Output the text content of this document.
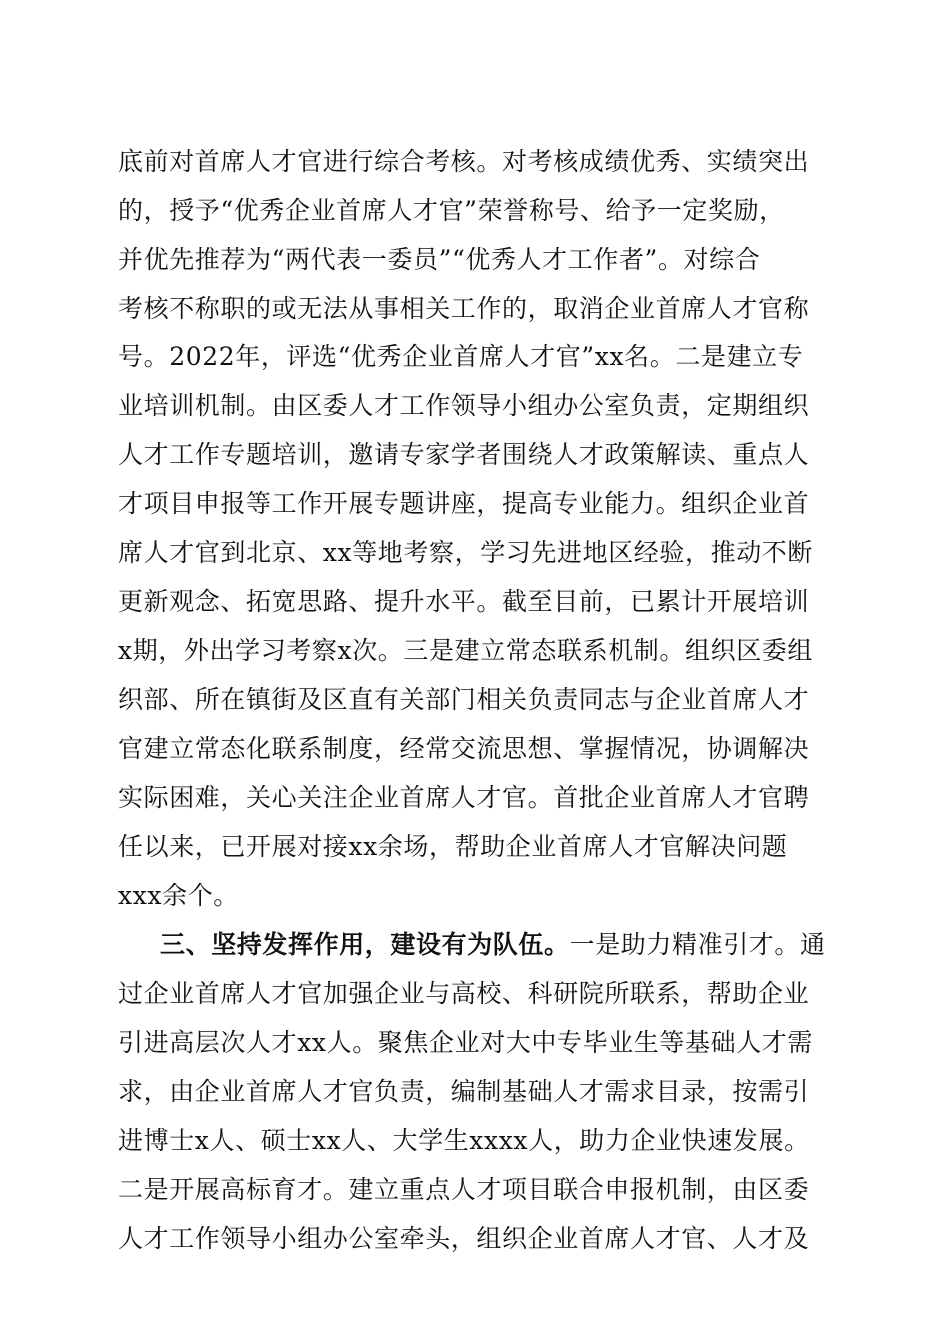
底前对首席人才官进行综合考核。对考核成绩优秀、实绩突出
的，授予“优秀企业首席人才官”荣誉称号、给予一定奖励，
并优先推荐为“两代表一委员”“优秀人才工作者”。对综合
考核不称职的或无法从事相关工作的，取消企业首席人才官称
号。2022年，评选“优秀企业首席人才官”xx名。二是建立专
业培训机制。由区委人才工作领导小组办公室负责，定期组织
人才工作专题培训，邀请专家学者围绕人才政策解读、重点人
才项目申报等工作开展专题讲座，提高专业能力。组织企业首
席人才官到北京、xx等地考察，学习先进地区经验，推动不断
更新观念、拓宽思路、提升水平。截至目前，已累计开展培训
x期，外出学习考察x次。三是建立常态联系机制。组织区委组
织部、所在镇街及区直有关部门相关负责同志与企业首席人才
官建立常态化联系制度，经常交流思想、掌握情况，协调解决
实际困难，关心关注企业首席人才官。首批企业首席人才官聘
任以来，已开展对接xx余场，帮助企业首席人才官解决问题
xxx余个。
三、坚持发挥作用，建设有为队伍。一是助力精准引才。通
过企业首席人才官加强企业与高校、科研院所联系，帮助企业
引进高层次人才xx人。聚焦企业对大中专毕业生等基础人才需
求，由企业首席人才官负责，编制基础人才需求目录，按需引
进博士x人、硕士xx人、大学生xxxx人，助力企业快速发展。
二是开展高标育才。建立重点人才项目联合申报机制，由区委
人才工作领导小组办公室牵头，组织企业首席人才官、人才及
